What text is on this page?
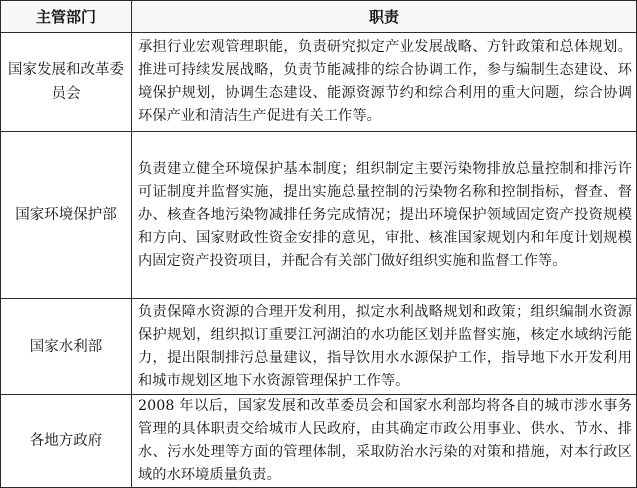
主管部门	职责
国家发展和改革委员会	承担行业宏观管理职能，负责研究拟定产业发展战略、方针政策和总体规划。推进可持续发展战略，负责节能减排的综合协调工作，参与编制生态建设、环境保护规划，协调生态建设、能源资源节约和综合利用的重大问题，综合协调环保产业和清洁生产促进有关工作等。
国家环境保护部	负责建立健全环境保护基本制度；组织制定主要污染物排放总量控制和排污许可证制度并监督实施，提出实施总量控制的污染物名称和控制指标，督查、督办、核查各地污染物减排任务完成情况；提出环境保护领域固定资产投资规模和方向、国家财政性资金安排的意见，审批、核准国家规划内和年度计划规模内固定资产投资项目，并配合有关部门做好组织实施和监督工作等。
国家水利部	负责保障水资源的合理开发利用，拟定水利战略规划和政策；组织编制水资源保护规划，组织拟订重要江河湖泊的水功能区划并监督实施，核定水域纳污能力，提出限制排污总量建议，指导饮用水水源保护工作，指导地下水开发利用和城市规划区地下水资源管理保护工作等。
各地方政府	2008 年以后，国家发展和改革委员会和国家水利部均将各自的城市涉水事务管理的具体职责交给城市人民政府，由其确定市政公用事业、供水、节水、排水、污水处理等方面的管理体制，采取防治水污染的对策和措施，对本行政区域的水环境质量负责。
